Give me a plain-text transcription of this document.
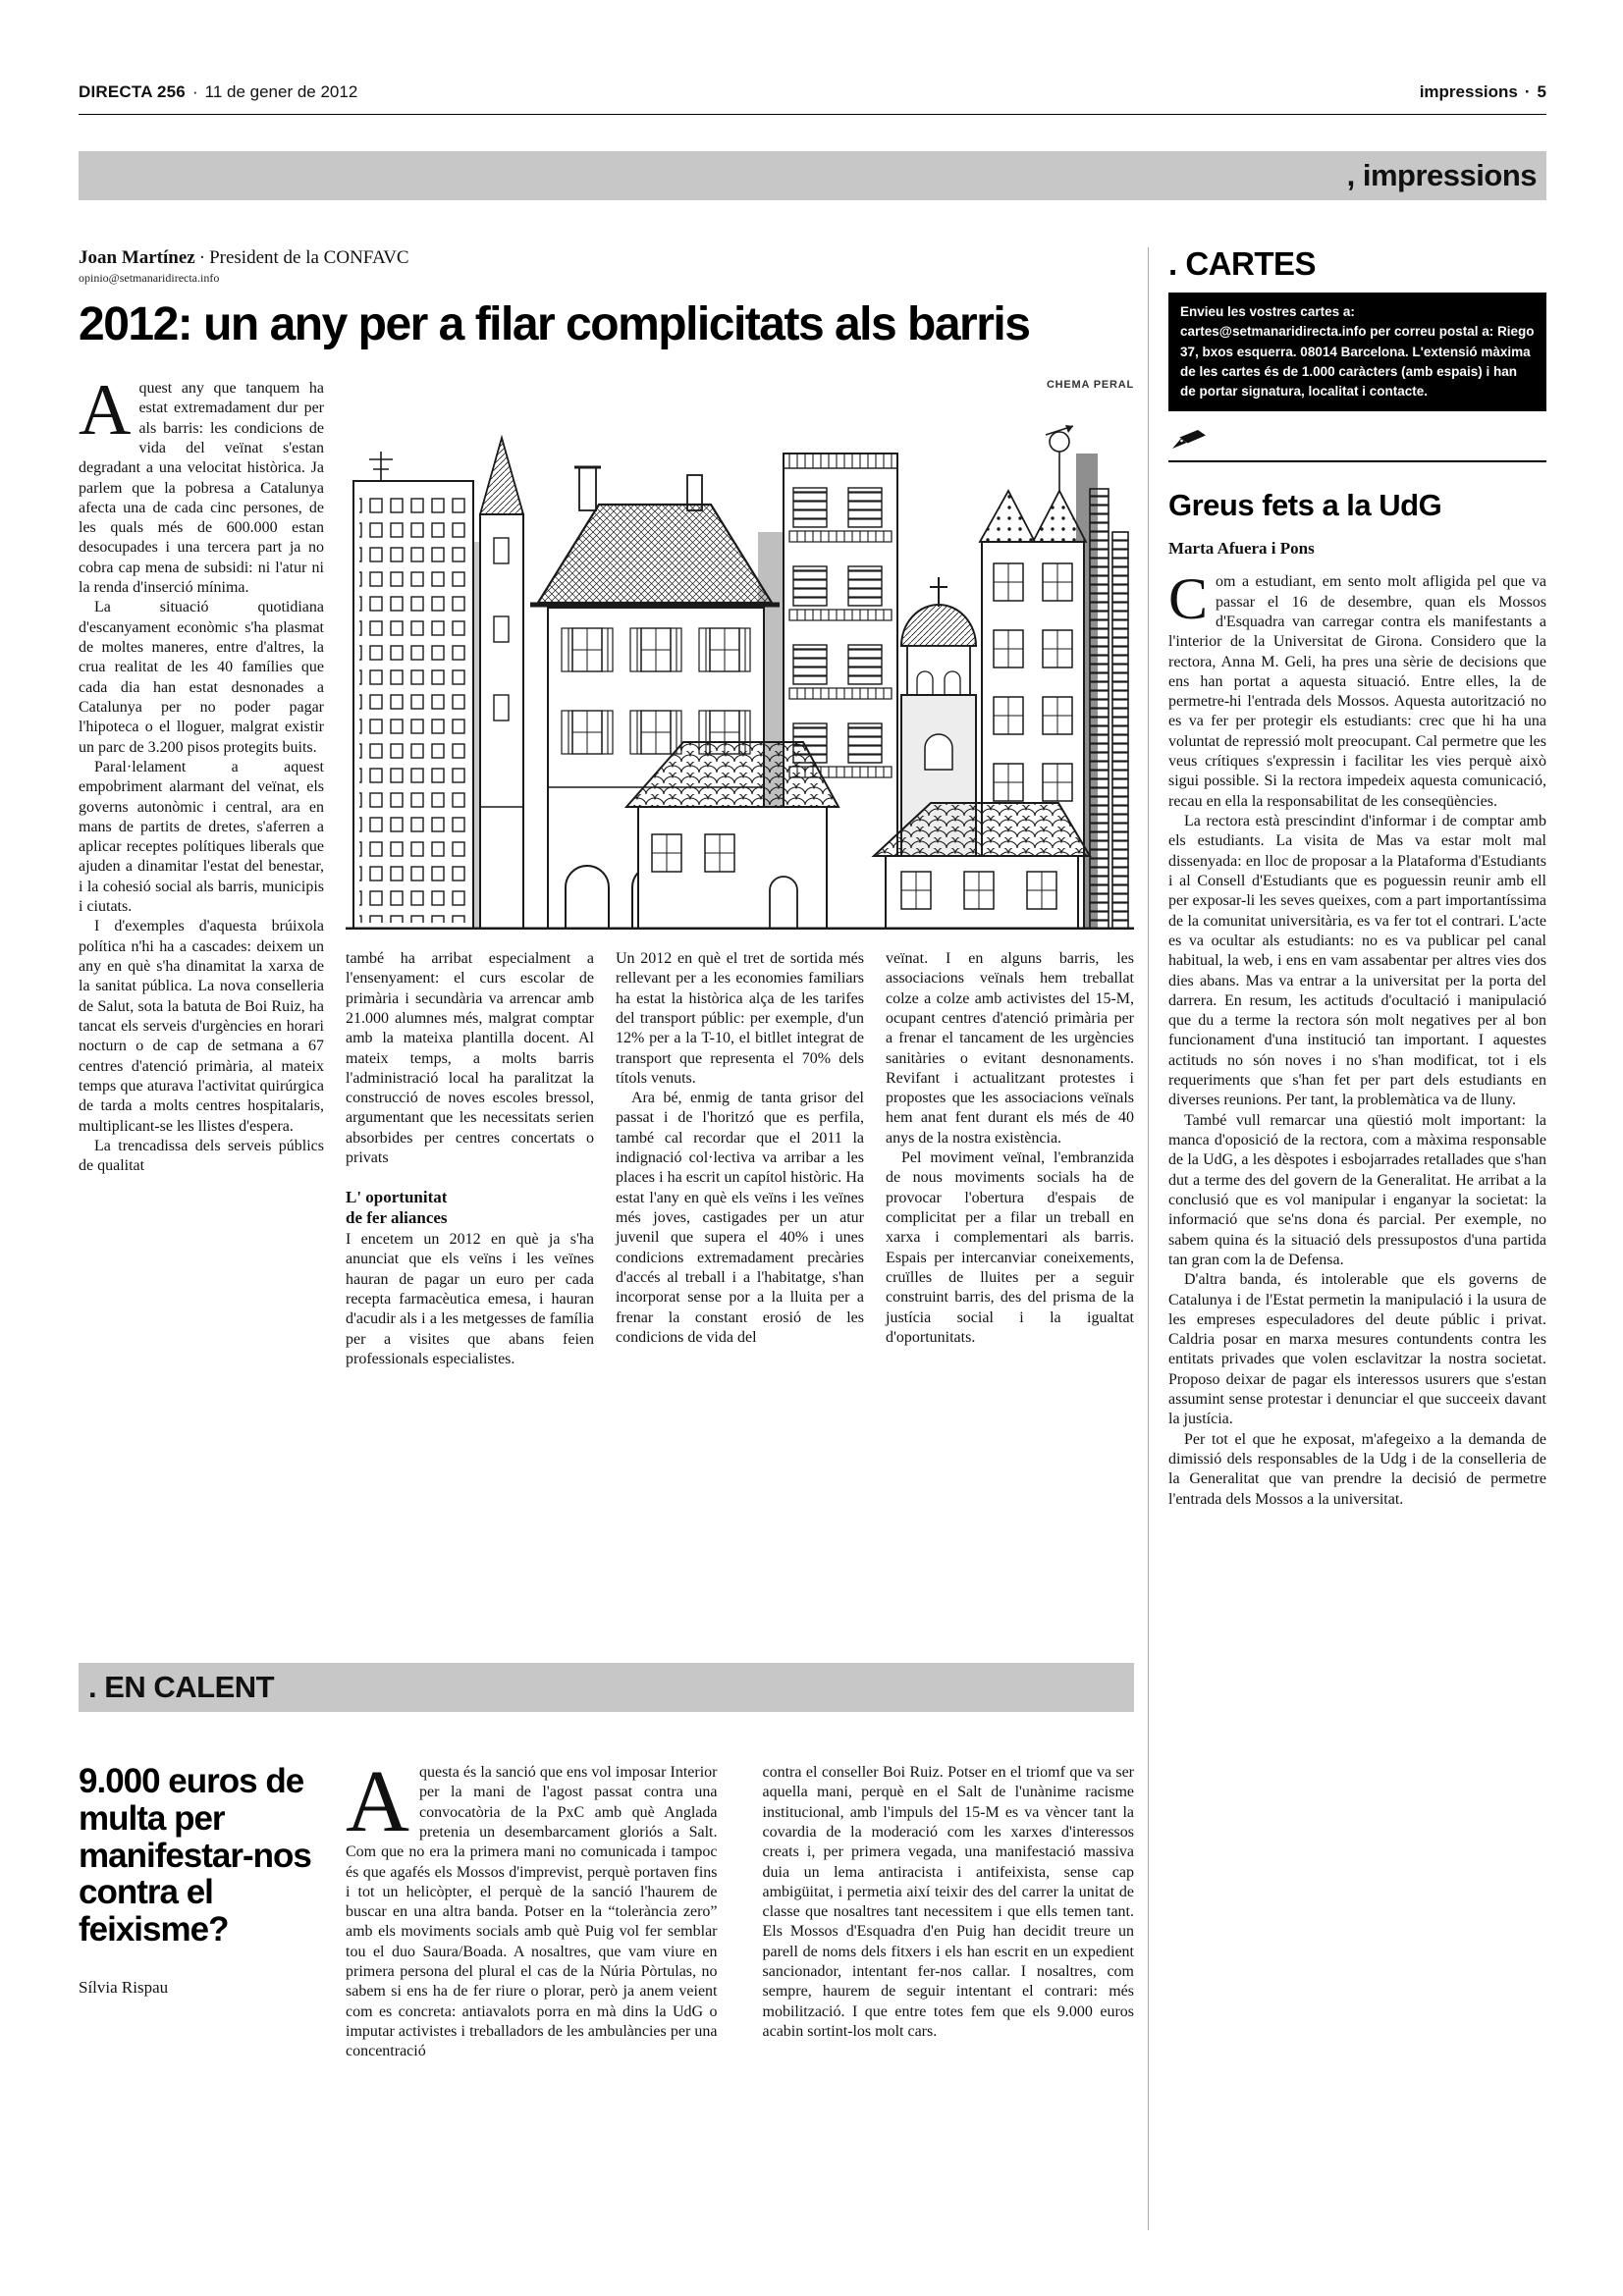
DIRECTA 256 · 11 de gener de 2012	impressions · 5
, impressions
Joan Martínez · President de la CONFAVC
opinio@setmanaridirecta.info
2012: un any per a filar complicitats als barris

Aquest any que tanquem ha estat extremadament dur per als barris: les condicions de vida del veïnat s'estan degradant a una velocitat històrica. Ja parlem que la pobresa a Catalunya afecta una de cada cinc persones, de les quals més de 600.000 estan desocupades i una tercera part ja no cobra cap mena de subsidi: ni l'atur ni la renda d'inserció mínima.

La situació quotidiana d'escanyament econòmic s'ha plasmat de moltes maneres, entre d'altres, la crua realitat de les 40 famílies que cada dia han estat desnonades a Catalunya per no poder pagar l'hipoteca o el lloguer, malgrat existir un parc de 3.200 pisos protegits buits.

Paral·lelament a aquest empobriment alarmant del veïnat, els governs autonòmic i central, ara en mans de partits de dretes, s'aferren a aplicar receptes polítiques liberals que ajuden a dinamitar l'estat del benestar, i la cohesió social als barris, municipis i ciutats.

I d'exemples d'aquesta brúixola política n'hi ha a cascades: deixem un any en què s'ha dinamitat la xarxa de la sanitat pública. La nova conselleria de Salut, sota la batuta de Boi Ruiz, ha tancat els serveis d'urgències en horari nocturn o de cap de setmana a 67 centres d'atenció primària, al mateix temps que aturava l'activitat quirúrgica de tarda a molts centres hospitalaris, multiplicant-se les llistes d'espera.

La trencadissa dels serveis públics de qualitat

CHEMA PERAL

també ha arribat especialment a l'ensenyament: el curs escolar de primària i secundària va arrencar amb 21.000 alumnes més, malgrat comptar amb la mateixa plantilla docent. Al mateix temps, a molts barris l'administració local ha paralitzat la construcció de noves escoles bressol, argumentant que les necessitats serien absorbides per centres concertats o privats

L' oportunitat
de fer aliances

I encetem un 2012 en què ja s'ha anunciat que els veïns i les veïnes hauran de pagar un euro per cada recepta farmacèutica emesa, i hauran d'acudir als i a les metgesses de família per a visites que abans feien professionals especialistes.

Un 2012 en què el tret de sortida més rellevant per a les economies familiars ha estat la històrica alça de les tarifes del transport públic: per exemple, d'un 12% per a la T-10, el bitllet integrat de transport que representa el 70% dels títols venuts.

Ara bé, enmig de tanta grisor del passat i de l'horitzó que es perfila, també cal recordar que el 2011 la indignació col·lectiva va arribar a les places i ha escrit un capítol històric. Ha estat l'any en què els veïns i les veïnes més joves, castigades per un atur juvenil que supera el 40% i unes condicions extremadament precàries d'accés al treball i a l'habitatge, s'han incorporat sense por a la lluita per a frenar la constant erosió de les condicions de vida del

veïnat. I en alguns barris, les associacions veïnals hem treballat colze a colze amb activistes del 15-M, ocupant centres d'atenció primària per a frenar el tancament de les urgències sanitàries o evitant desnonaments. Revifant i actualitzant protestes i propostes que les associacions veïnals hem anat fent durant els més de 40 anys de la nostra existència.

Pel moviment veïnal, l'embranzida de nous moviments socials ha de provocar l'obertura d'espais de complicitat per a filar un treball en xarxa i complementari als barris. Espais per intercanviar coneixements, cruïlles de lluites per a seguir construint barris, des del prisma de la justícia social i la igualtat d'oportunitats.

. EN CALENT
9.000 euros de multa per manifestar-nos contra el feixisme?
Sílvia Rispau

Aquesta és la sanció que ens vol imposar Interior per la mani de l'agost passat contra una convocatòria de la PxC amb què Anglada pretenia un desembarcament gloriós a Salt. Com que no era la primera mani no comunicada i tampoc és que agafés els Mossos d'imprevist, perquè portaven fins i tot un helicòpter, el perquè de la sanció l'haurem de buscar en una altra banda. Potser en la “tolerància zero” amb els moviments socials amb què Puig vol fer semblar tou el duo Saura/Boada. A nosaltres, que vam viure en primera persona del plural el cas de la Núria Pòrtulas, no sabem si ens ha de fer riure o plorar, però ja anem veient com es concreta: antiavalots porra en mà dins la UdG o imputar activistes i treballadors de les ambulàncies per una concentració

contra el conseller Boi Ruiz. Potser en el triomf que va ser aquella mani, perquè en el Salt de l'unànime racisme institucional, amb l'impuls del 15-M es va vèncer tant la covardia de la moderació com les xarxes d'interessos creats i, per primera vegada, una manifestació massiva duia un lema antiracista i antifeixista, sense cap ambigüitat, i permetia així teixir des del carrer la unitat de classe que nosaltres tant necessitem i que ells temen tant. Els Mossos d'Esquadra d'en Puig han decidit treure un parell de noms dels fitxers i els han escrit en un expedient sancionador, intentant fer-nos callar. I nosaltres, com sempre, haurem de seguir intentant el contrari: més mobilització. I que entre totes fem que els 9.000 euros acabin sortint-los molt cars.

. CARTES
Envieu les vostres cartes a: cartes@setmanaridirecta.info per correu postal a: Riego 37, bxos esquerra. 08014 Barcelona. L'extensió màxima de les cartes és de 1.000 caràcters (amb espais) i han de portar signatura, localitat i contacte.
Greus fets a la UdG
Marta Afuera i Pons

Com a estudiant, em sento molt afligida pel que va passar el 16 de desembre, quan els Mossos d'Esquadra van carregar contra els manifestants a l'interior de la Universitat de Girona. Considero que la rectora, Anna M. Geli, ha pres una sèrie de decisions que ens han portat a aquesta situació. Entre elles, la de permetre-hi l'entrada dels Mossos. Aquesta autorització no es va fer per protegir els estudiants: crec que hi ha una voluntat de repressió molt preocupant. Cal permetre que les veus crítiques s'expressin i facilitar les vies perquè això sigui possible. Si la rectora impedeix aquesta comunicació, recau en ella la responsabilitat de les conseqüències.

La rectora està prescindint d'informar i de comptar amb els estudiants. La visita de Mas va estar molt mal dissenyada: en lloc de proposar a la Plataforma d'Estudiants i al Consell d'Estudiants que es poguessin reunir amb ell per exposar-li les seves queixes, com a part importantíssima de la comunitat universitària, es va fer tot el contrari. L'acte es va ocultar als estudiants: no es va publicar pel canal habitual, la web, i ens en vam assabentar per altres vies dos dies abans. Mas va entrar a la universitat per la porta del darrera. En resum, les actituds d'ocultació i manipulació que du a terme la rectora són molt negatives per al bon funcionament d'una institució tan important. I aquestes actituds no són noves i no s'han modificat, tot i els requeriments que s'han fet per part dels estudiants en diverses reunions. Per tant, la problemàtica va de lluny.

També vull remarcar una qüestió molt important: la manca d'oposició de la rectora, com a màxima responsable de la UdG, a les dèspotes i esbojarrades retallades que s'han dut a terme des del govern de la Generalitat. He arribat a la conclusió que es vol manipular i enganyar la societat: la informació que se'ns dona és parcial. Per exemple, no sabem quina és la situació dels pressupostos d'una partida tan gran com la de Defensa.

D'altra banda, és intolerable que els governs de Catalunya i de l'Estat permetin la manipulació i la usura de les empreses especuladores del deute públic i privat. Caldria posar en marxa mesures contundents contra les entitats privades que volen esclavitzar la nostra societat. Proposo deixar de pagar els interessos usurers que s'estan assumint sense protestar i denunciar el que succeeix davant la justícia.

Per tot el que he exposat, m'afegeixo a la demanda de dimissió dels responsables de la Udg i de la conselleria de la Generalitat que van prendre la decisió de permetre l'entrada dels Mossos a la universitat.
